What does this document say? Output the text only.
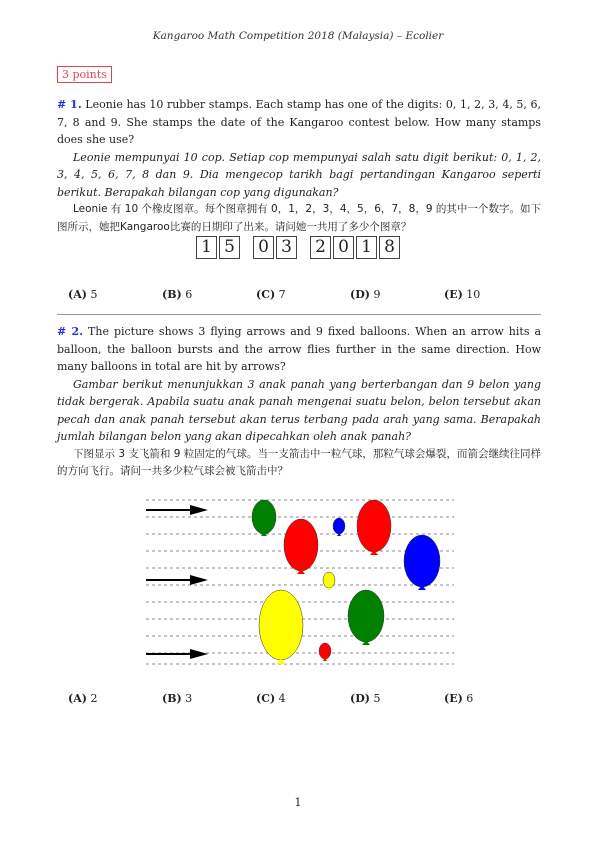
Kangaroo Math Competition 2018 (Malaysia) – Ecolier
3 points
# 1. Leonie has 10 rubber stamps. Each stamp has one of the digits: 0, 1, 2, 3, 4, 5, 6, 7, 8 and 9. She stamps the date of the Kangaroo contest below. How many stamps does she use?
Leonie mempunyai 10 cop. Setiap cop mempunyai salah satu digit berikut: 0, 1, 2, 3, 4, 5, 6, 7, 8 dan 9. Dia mengecop tarikh bagi pertandingan Kangaroo seperti berikut. Berapakah bilangan cop yang digunakan?
Leonie 有 10 个橡皮图章。每个图章拥有 0，1，2，3，4，5，6，7，8，9 的其中一个数字。如下图所示，她把Kangaroo比赛的日期印了出来。请问她一共用了多少个图章？
1 5 0 3 2 0 1 8
(A) 5	(B) 6	(C) 7	(D) 9	(E) 10
# 2. The picture shows 3 flying arrows and 9 fixed balloons. When an arrow hits a balloon, the balloon bursts and the arrow flies further in the same direction. How many balloons in total are hit by arrows?
Gambar berikut menunjukkan 3 anak panah yang berterbangan dan 9 belon yang tidak bergerak. Apabila suatu anak panah mengenai suatu belon, belon tersebut akan pecah dan anak panah tersebut akan terus terbang pada arah yang sama. Berapakah jumlah bilangan belon yang akan dipecahkan oleh anak panah?
下图显示 3 支飞箭和 9 粒固定的气球。当一支箭击中一粒气球，那粒气球会爆裂，而箭会继续往同样的方向飞行。请问一共多少粒气球会被飞箭击中？
(A) 2	(B) 3	(C) 4	(D) 5	(E) 6
1
